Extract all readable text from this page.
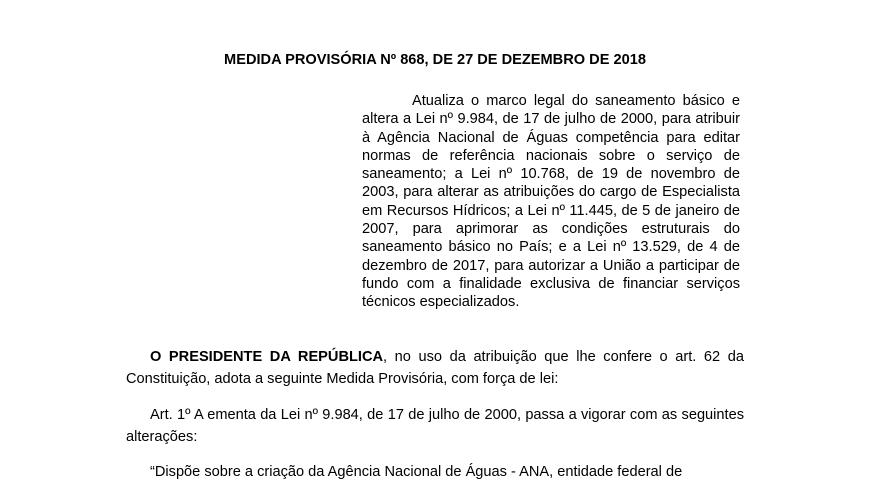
MEDIDA PROVISÓRIA Nº 868, DE 27 DE DEZEMBRO DE 2018
Atualiza o marco legal do saneamento básico e altera a Lei nº 9.984, de 17 de julho de 2000, para atribuir à Agência Nacional de Águas competência para editar normas de referência nacionais sobre o serviço de saneamento; a Lei nº 10.768, de 19 de novembro de 2003, para alterar as atribuições do cargo de Especialista em Recursos Hídricos; a Lei nº 11.445, de 5 de janeiro de 2007, para aprimorar as condições estruturais do saneamento básico no País; e a Lei nº 13.529, de 4 de dezembro de 2017, para autorizar a União a participar de fundo com a finalidade exclusiva de financiar serviços técnicos especializados.
O PRESIDENTE DA REPÚBLICA, no uso da atribuição que lhe confere o art. 62 da Constituição, adota a seguinte Medida Provisória, com força de lei:
Art. 1º A ementa da Lei nº 9.984, de 17 de julho de 2000, passa a vigorar com as seguintes alterações:
“Dispõe sobre a criação da Agência Nacional de Águas - ANA, entidade federal de
